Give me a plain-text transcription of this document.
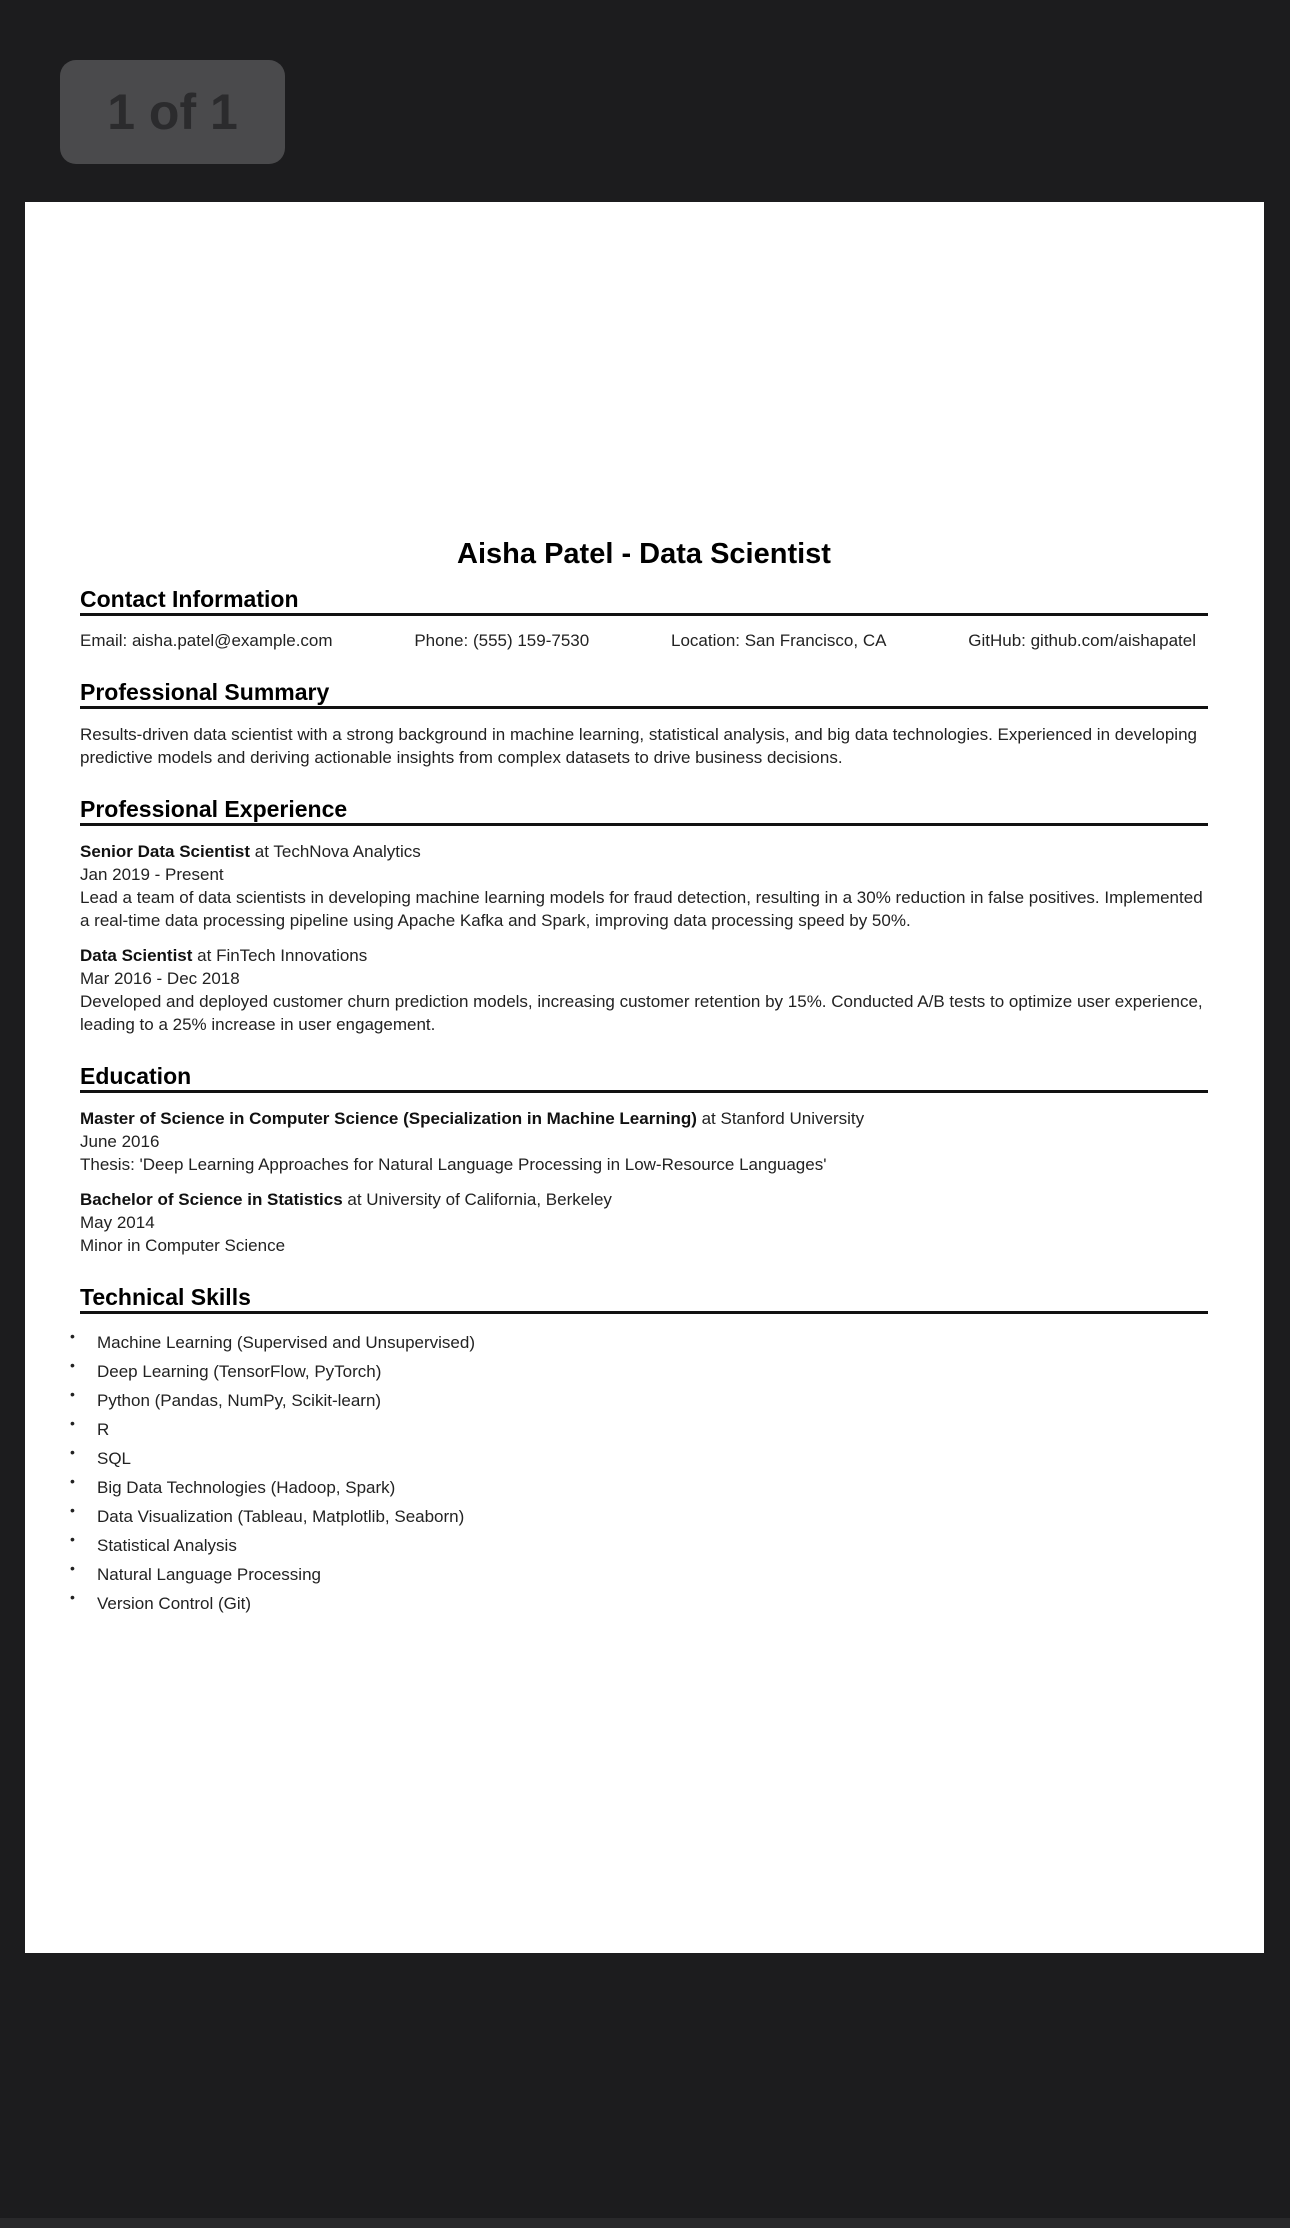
1 of 1
Aisha Patel - Data Scientist
Contact Information
Email: aisha.patel@example.com	Phone: (555) 159-7530	Location: San Francisco, CA	GitHub: github.com/aishapatel
Professional Summary

Results-driven data scientist with a strong background in machine learning, statistical analysis, and big data technologies. Experienced in developing predictive models and deriving actionable insights from complex datasets to drive business decisions.

Professional Experience
Senior Data Scientist at TechNova Analytics
Jan 2019 - Present
Lead a team of data scientists in developing machine learning models for fraud detection, resulting in a 30% reduction in false positives. Implemented a real-time data processing pipeline using Apache Kafka and Spark, improving data processing speed by 50%.
Data Scientist at FinTech Innovations
Mar 2016 - Dec 2018
Developed and deployed customer churn prediction models, increasing customer retention by 15%. Conducted A/B tests to optimize user experience, leading to a 25% increase in user engagement.
Education
Master of Science in Computer Science (Specialization in Machine Learning) at Stanford University
June 2016
Thesis: 'Deep Learning Approaches for Natural Language Processing in Low-Resource Languages'
Bachelor of Science in Statistics at University of California, Berkeley
May 2014
Minor in Computer Science
Technical Skills
• Machine Learning (Supervised and Unsupervised)
• Deep Learning (TensorFlow, PyTorch)
• Python (Pandas, NumPy, Scikit-learn)
• R
• SQL
• Big Data Technologies (Hadoop, Spark)
• Data Visualization (Tableau, Matplotlib, Seaborn)
• Statistical Analysis
• Natural Language Processing
• Version Control (Git)
